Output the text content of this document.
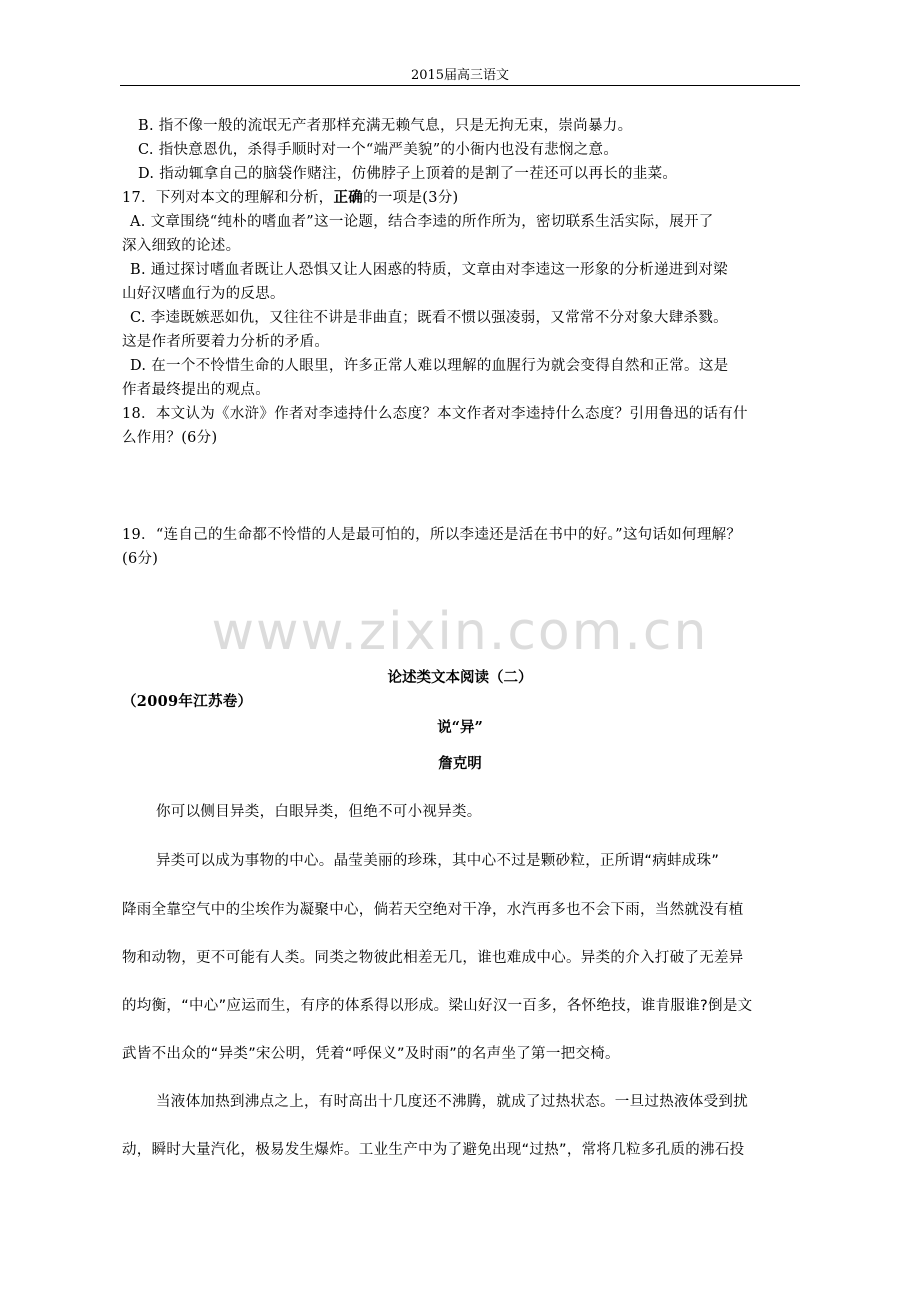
2015届高三语文
B. 指不像一般的流氓无产者那样充满无赖气息，只是无拘无束，崇尚暴力。
C. 指快意恩仇，杀得手顺时对一个“端严美貌”的小衙内也没有悲悯之意。
D. 指动辄拿自己的脑袋作赌注，仿佛脖子上顶着的是割了一茬还可以再长的韭菜。
17．下列对本文的理解和分析，正确的一项是(3分)
A. 文章围绕“纯朴的嗜血者”这一论题，结合李逵的所作所为，密切联系生活实际，展开了
深入细致的论述。
B. 通过探讨嗜血者既让人恐惧又让人困惑的特质，文章由对李逵这一形象的分析递进到对梁
山好汉嗜血行为的反思。
C. 李逵既嫉恶如仇，又往往不讲是非曲直；既看不惯以强凌弱，又常常不分对象大肆杀戮。
这是作者所要着力分析的矛盾。
D. 在一个不怜惜生命的人眼里，许多正常人难以理解的血腥行为就会变得自然和正常。这是
作者最终提出的观点。
18．本文认为《水浒》作者对李逵持什么态度？本文作者对李逵持什么态度？引用鲁迅的话有什
么作用？(6分)
19．“连自己的生命都不怜惜的人是最可怕的，所以李逵还是活在书中的好。”这句话如何理解？
(6分)
www.zixin.com.cn
论述类文本阅读（二）
（2009年江苏卷）
说“异”
詹克明
你可以侧目异类，白眼异类，但绝不可小视异类。
异类可以成为事物的中心。晶莹美丽的珍珠，其中心不过是颗砂粒，正所谓“病蚌成珠”
降雨全靠空气中的尘埃作为凝聚中心，倘若天空绝对干净，水汽再多也不会下雨，当然就没有植
物和动物，更不可能有人类。同类之物彼此相差无几，谁也难成中心。异类的介入打破了无差异
的均衡，“中心”应运而生，有序的体系得以形成。梁山好汉一百多，各怀绝技，谁肯服谁?倒是文
武皆不出众的“异类”宋公明，凭着“呼保义”及时雨”的名声坐了第一把交椅。
当液体加热到沸点之上，有时高出十几度还不沸腾，就成了过热状态。一旦过热液体受到扰
动，瞬时大量汽化，极易发生爆炸。工业生产中为了避免出现“过热”，常将几粒多孔质的沸石投
